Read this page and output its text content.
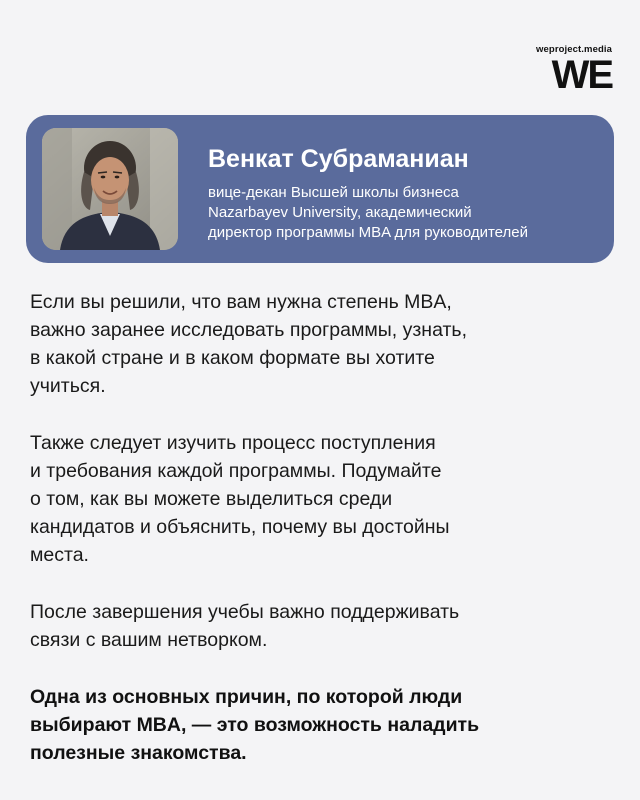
weproject.media
WE
Венкат Субраманиан
вице-декан Высшей школы бизнеса
Nazarbayev University, академический
директор программы MBA для руководителей

Если вы решили, что вам нужна степень MBA,
важно заранее исследовать программы, узнать,
в какой стране и в каком формате вы хотите
учиться.

Также следует изучить процесс поступления
и требования каждой программы. Подумайте
о том, как вы можете выделиться среди
кандидатов и объяснить, почему вы достойны
места.

После завершения учебы важно поддерживать
связи с вашим нетворком.

Одна из основных причин, по которой люди
выбирают MBA, — это возможность наладить
полезные знакомства.
